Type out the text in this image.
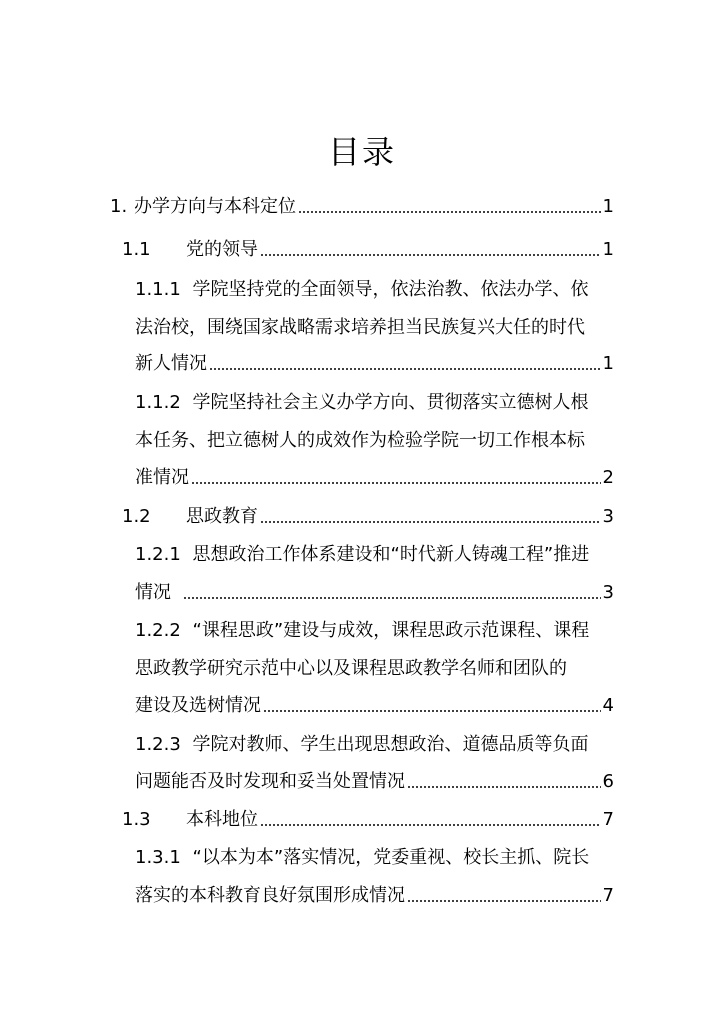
目录
1. 办学方向与本科定位	1
1.1	党的领导	1
1.1.1 学院坚持党的全面领导，依法治教、依法办学、依
法治校，围绕国家战略需求培养担当民族复兴大任的时代
新人情况	1
1.1.2 学院坚持社会主义办学方向、贯彻落实立德树人根
本任务、把立德树人的成效作为检验学院一切工作根本标
准情况	2
1.2	思政教育	3
1.2.1 思想政治工作体系建设和“时代新人铸魂工程”推进
情况	3
1.2.2 “课程思政”建设与成效，课程思政示范课程、课程
思政教学研究示范中心以及课程思政教学名师和团队的
建设及选树情况	4
1.2.3 学院对教师、学生出现思想政治、道德品质等负面
问题能否及时发现和妥当处置情况	6
1.3	本科地位	7
1.3.1 “以本为本”落实情况，党委重视、校长主抓、院长
落实的本科教育良好氛围形成情况	7
